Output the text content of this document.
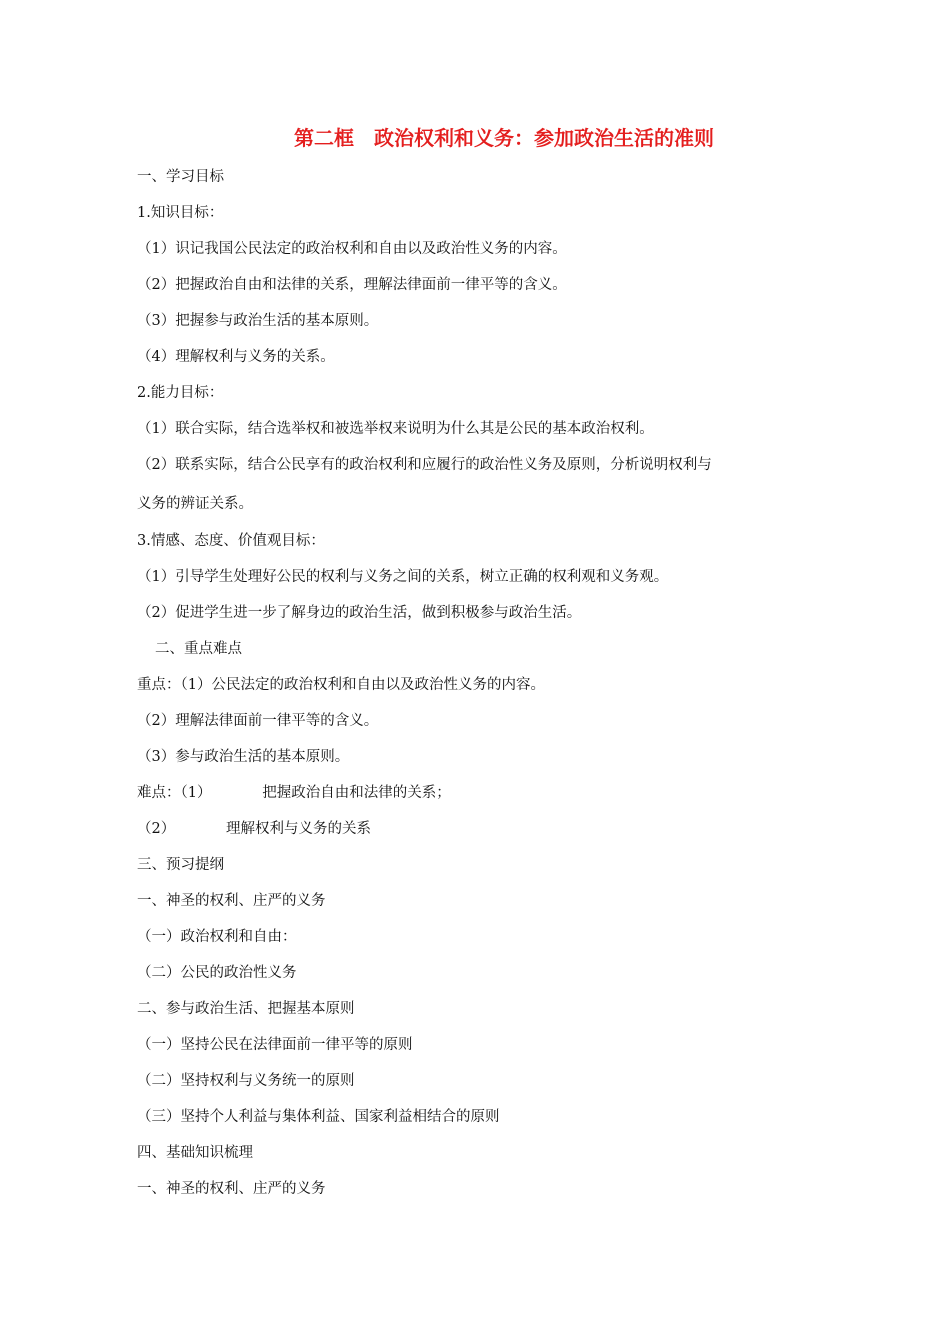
第二框　政治权利和义务：参加政治生活的准则
一、学习目标
1.知识目标：
（1）识记我国公民法定的政治权利和自由以及政治性义务的内容。
（2）把握政治自由和法律的关系，理解法律面前一律平等的含义。
（3）把握参与政治生活的基本原则。
（4）理解权利与义务的关系。
2.能力目标：
（1）联合实际，结合选举权和被选举权来说明为什么其是公民的基本政治权利。
（2）联系实际，结合公民享有的政治权利和应履行的政治性义务及原则，分析说明权利与
义务的辨证关系。
3.情感、态度、价值观目标：
（1）引导学生处理好公民的权利与义务之间的关系，树立正确的权利观和义务观。
（2）促进学生进一步了解身边的政治生活，做到积极参与政治生活。
二、重点难点
重点：（1）公民法定的政治权利和自由以及政治性义务的内容。
（2）理解法律面前一律平等的含义。
（3）参与政治生活的基本原则。
难点：（1）　　　　把握政治自由和法律的关系；
（2）　　　　理解权利与义务的关系
三、预习提纲
一、神圣的权利、庄严的义务
（一）政治权利和自由：
（二）公民的政治性义务
二、参与政治生活、把握基本原则
（一）坚持公民在法律面前一律平等的原则
（二）坚持权利与义务统一的原则
（三）坚持个人利益与集体利益、国家利益相结合的原则
四、基础知识梳理
一、神圣的权利、庄严的义务
